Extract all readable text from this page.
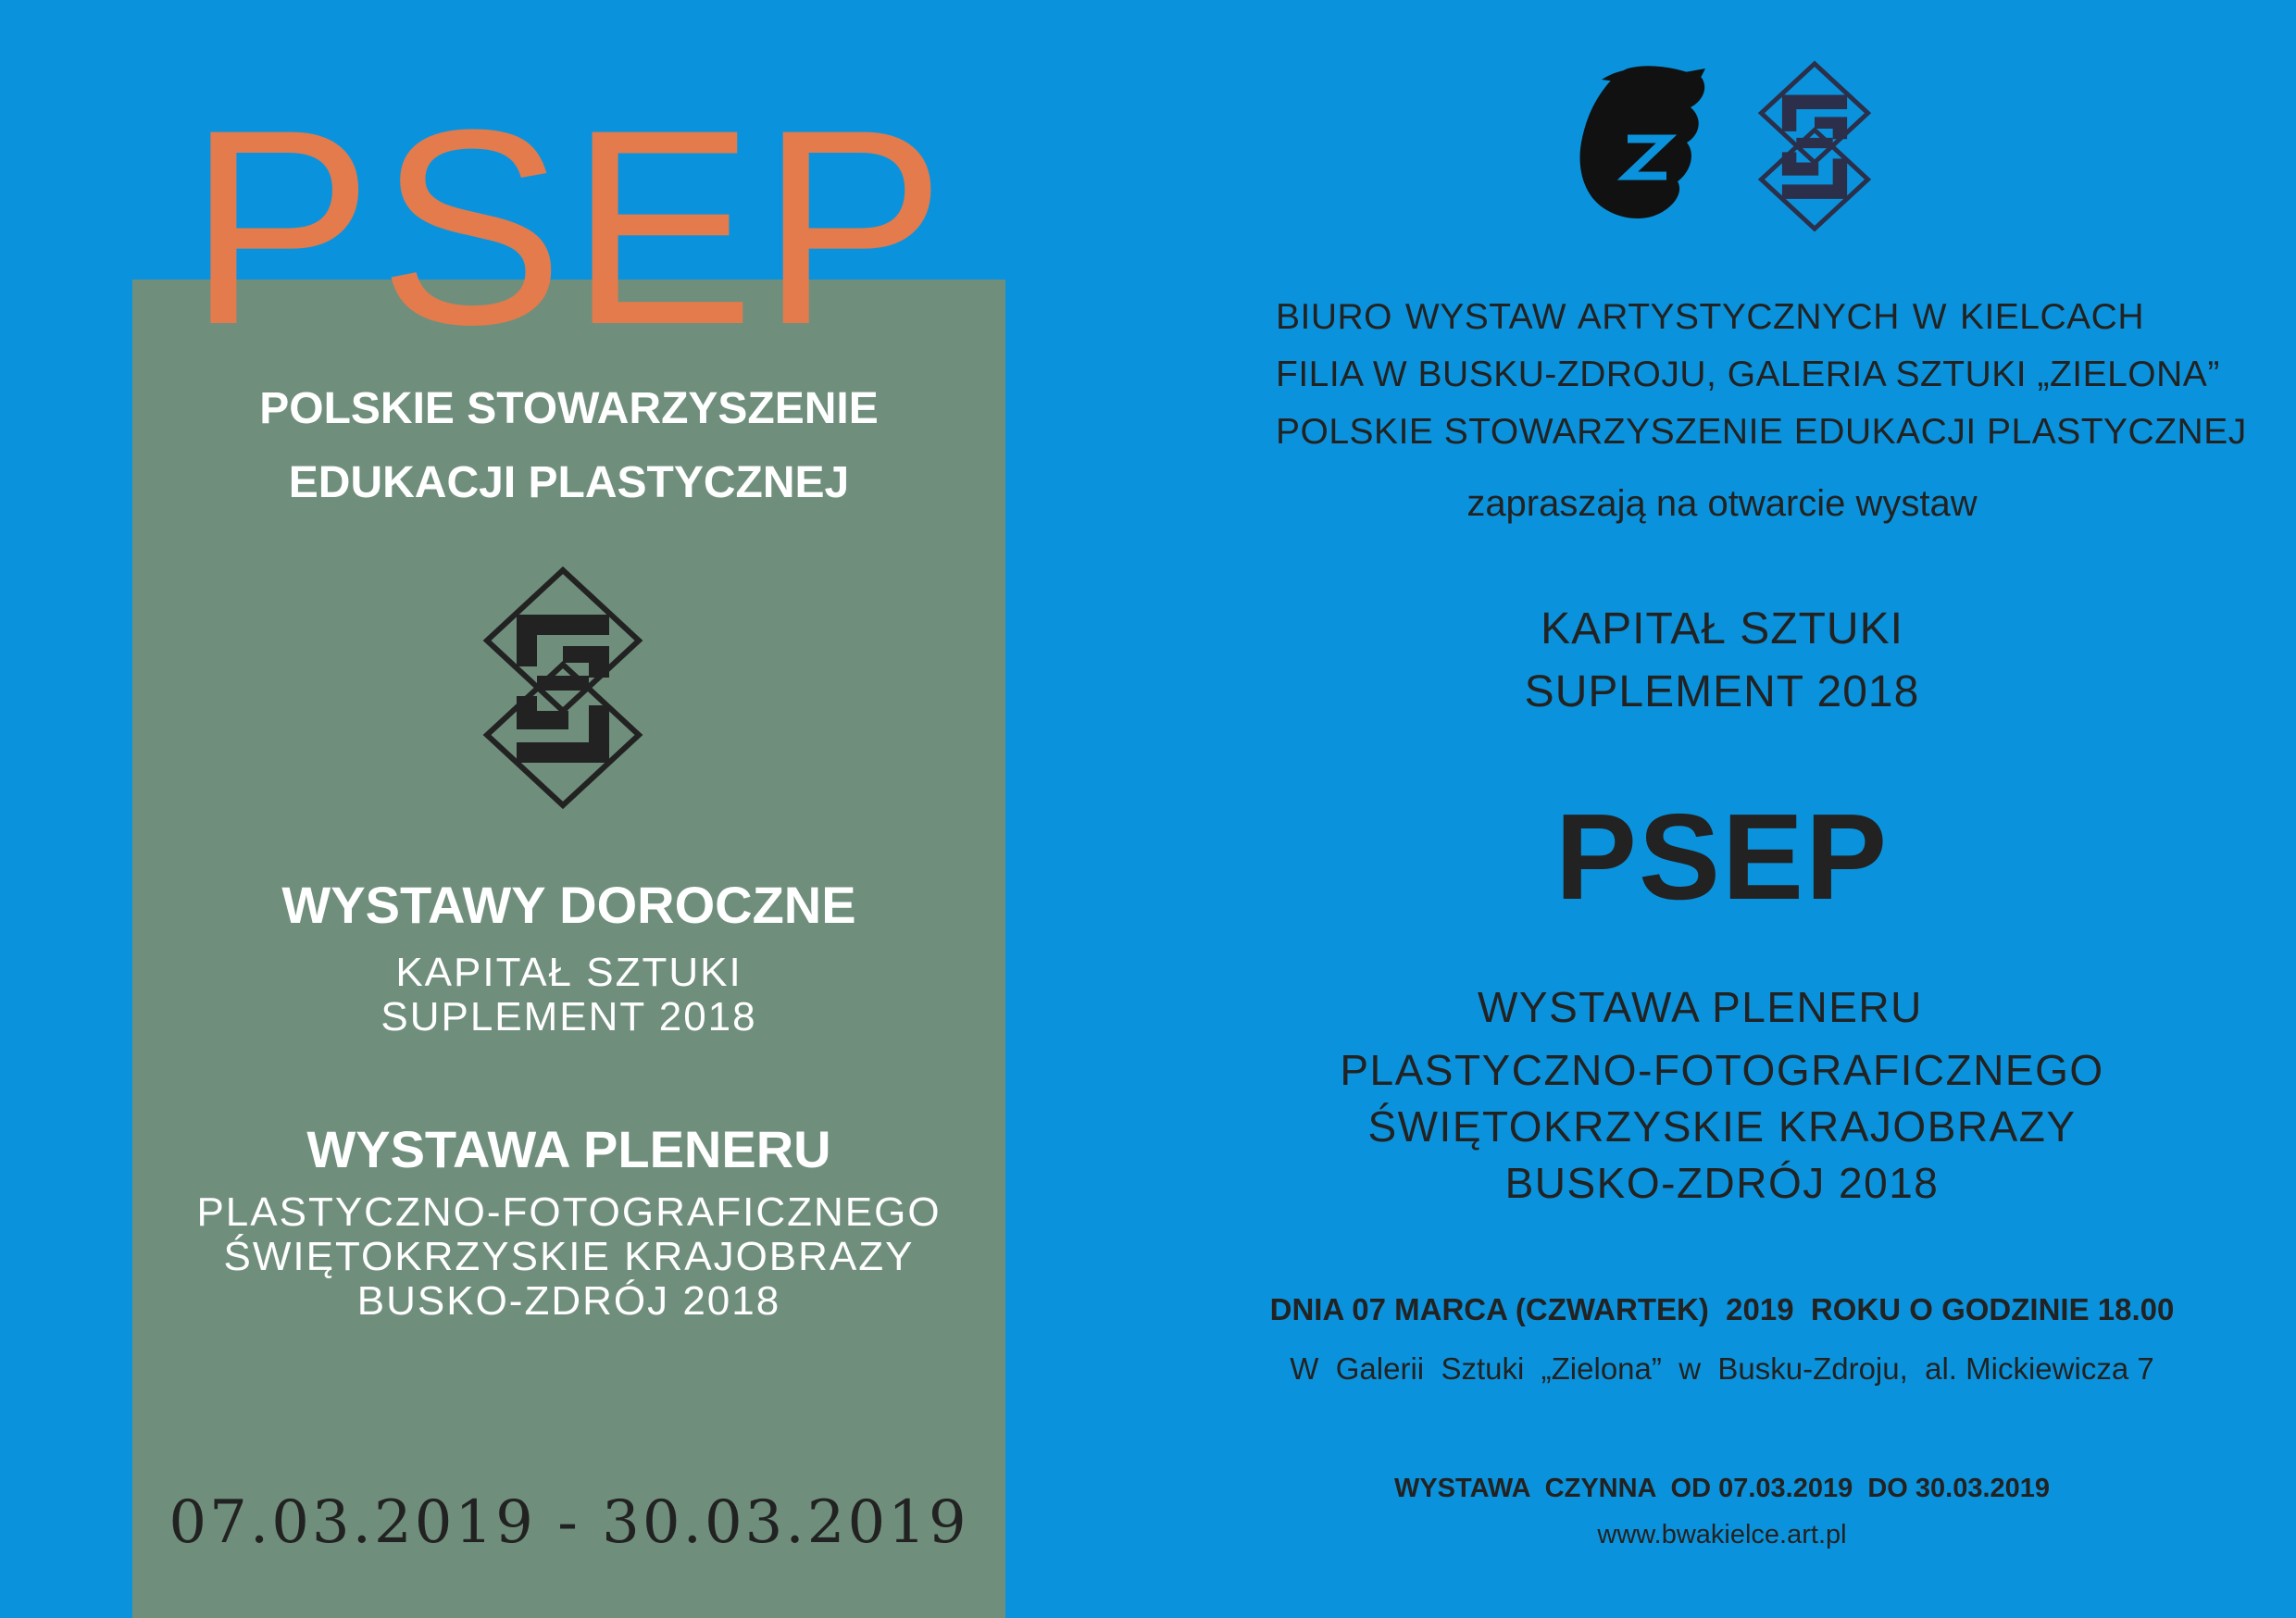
PSEP

POLSKIE STOWARZYSZENIE

EDUKACJI PLASTYCZNEJ

WYSTAWY DOROCZNE

KAPITAŁ SZTUKI

SUPLEMENT 2018

WYSTAWA PLENERU

PLASTYCZNO-FOTOGRAFICZNEGO

ŚWIĘTOKRZYSKIE KRAJOBRAZY

BUSKO-ZDRÓJ 2018

07.03.2019 - 30.03.2019

BIURO WYSTAW ARTYSTYCZNYCH W KIELCACH

FILIA W BUSKU-ZDROJU, GALERIA SZTUKI „ZIELONA”

POLSKIE STOWARZYSZENIE EDUKACJI PLASTYCZNEJ

zapraszają na otwarcie wystaw

KAPITAŁ SZTUKI

SUPLEMENT 2018

PSEP

WYSTAWA PLENERU

PLASTYCZNO-FOTOGRAFICZNEGO

ŚWIĘTOKRZYSKIE KRAJOBRAZY

BUSKO-ZDRÓJ 2018

DNIA 07 MARCA (CZWARTEK)  2019  ROKU O GODZINIE 18.00

W  Galerii  Sztuki  „Zielona”  w  Busku-Zdroju,  al. Mickiewicza 7

WYSTAWA  CZYNNA  OD 07.03.2019  DO 30.03.2019

www.bwakielce.art.pl
